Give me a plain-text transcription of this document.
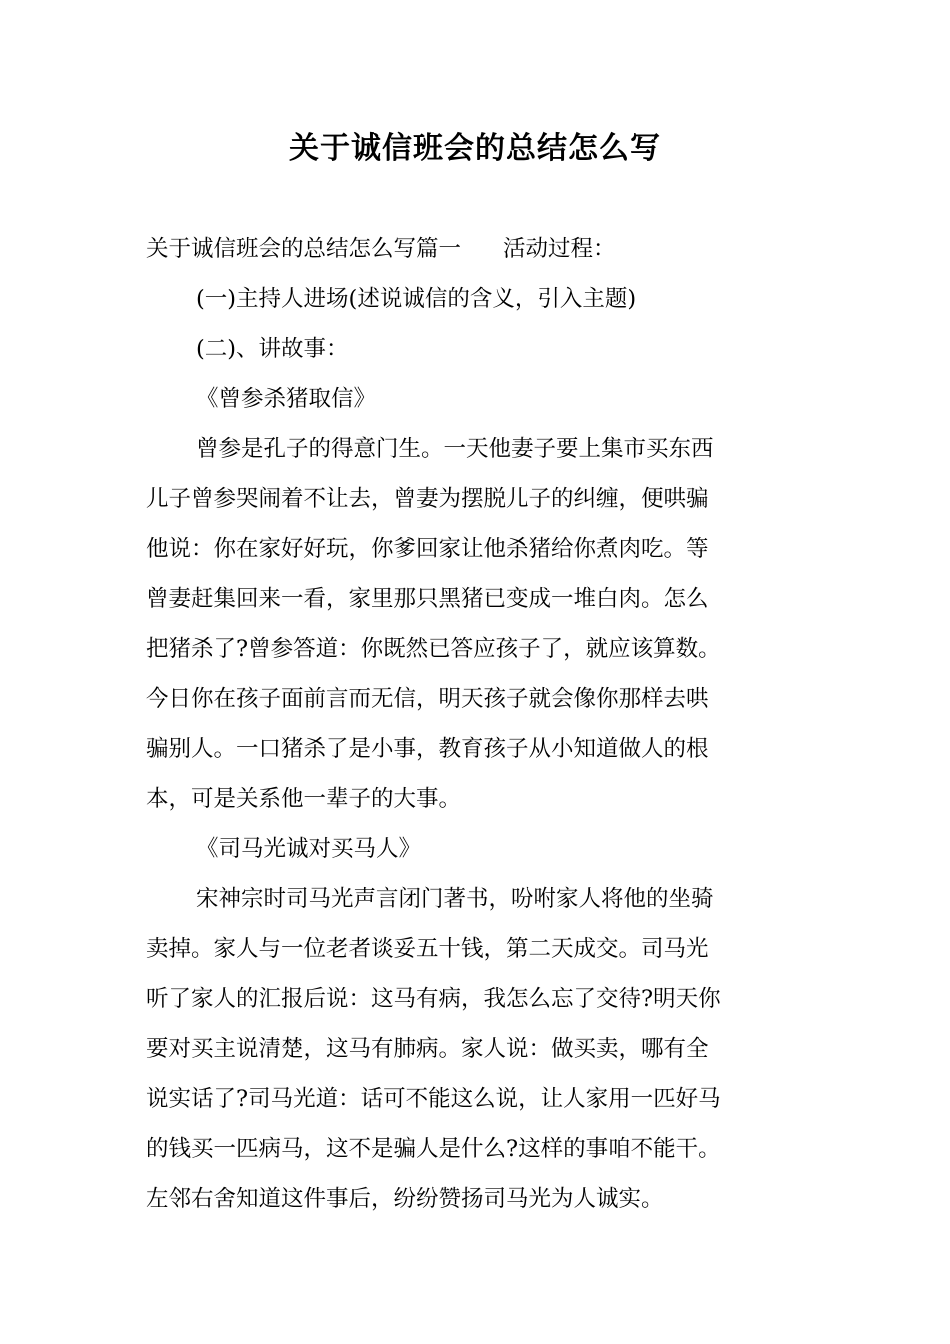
关于诚信班会的总结怎么写

关于诚信班会的总结怎么写篇一 活动过程：

(一)主持人进场(述说诚信的含义，引入主题)

(二)、讲故事：

《曾参杀猪取信》

曾参是孔子的得意门生。一天他妻子要上集市买东西

儿子曾参哭闹着不让去，曾妻为摆脱儿子的纠缠，便哄骗

他说：你在家好好玩，你爹回家让他杀猪给你煮肉吃。等

曾妻赶集回来一看，家里那只黑猪已变成一堆白肉。怎么

把猪杀了?曾参答道：你既然已答应孩子了，就应该算数。

今日你在孩子面前言而无信，明天孩子就会像你那样去哄

骗别人。一口猪杀了是小事，教育孩子从小知道做人的根

本，可是关系他一辈子的大事。

《司马光诚对买马人》

宋神宗时司马光声言闭门著书，吩咐家人将他的坐骑

卖掉。家人与一位老者谈妥五十钱，第二天成交。司马光

听了家人的汇报后说：这马有病，我怎么忘了交待?明天你

要对买主说清楚，这马有肺病。家人说：做买卖，哪有全

说实话了?司马光道：话可不能这么说，让人家用一匹好马

的钱买一匹病马，这不是骗人是什么?这样的事咱不能干。

左邻右舍知道这件事后，纷纷赞扬司马光为人诚实。
